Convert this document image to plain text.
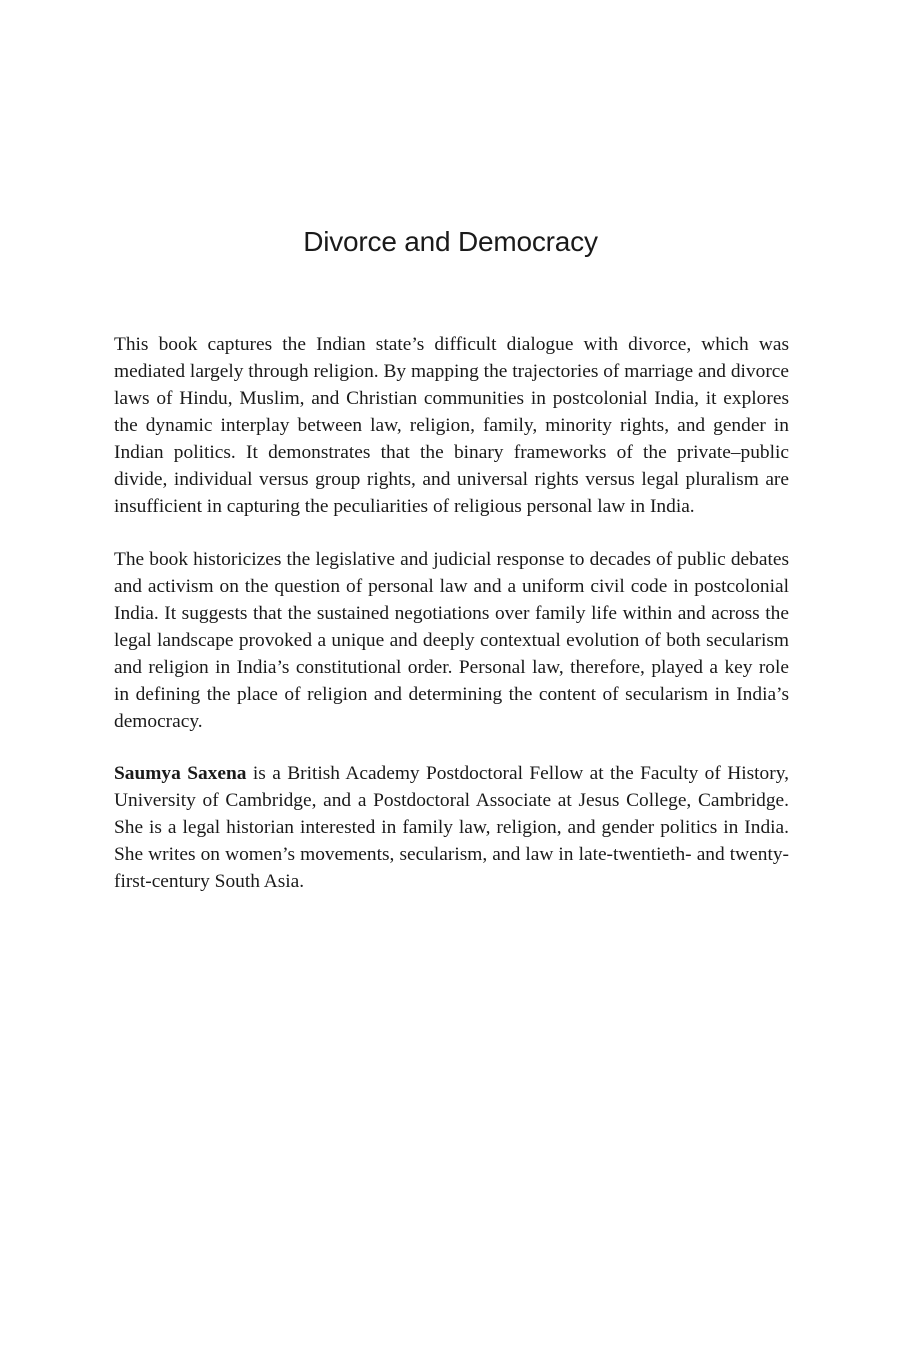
Divorce and Democracy

This book captures the Indian state’s difficult dialogue with divorce, which was mediated largely through religion. By mapping the trajectories of marriage and divorce laws of Hindu, Muslim, and Christian communities in postcolonial India, it explores the dynamic interplay between law, religion, family, minority rights, and gender in Indian politics. It demonstrates that the binary frameworks of the private–public divide, individual versus group rights, and universal rights versus legal pluralism are insufficient in capturing the peculiarities of religious personal law in India.

The book historicizes the legislative and judicial response to decades of public debates and activism on the question of personal law and a uniform civil code in postcolonial India. It suggests that the sustained negotiations over family life within and across the legal landscape provoked a unique and deeply contextual evolution of both secularism and religion in India’s constitutional order. Personal law, therefore, played a key role in defining the place of religion and determining the content of secularism in India’s democracy.

Saumya Saxena is a British Academy Postdoctoral Fellow at the Faculty of History, University of Cambridge, and a Postdoctoral Associate at Jesus College, Cambridge. She is a legal historian interested in family law, religion, and gender politics in India. She writes on women’s movements, secularism, and law in late-twentieth- and twenty-first-century South Asia.
